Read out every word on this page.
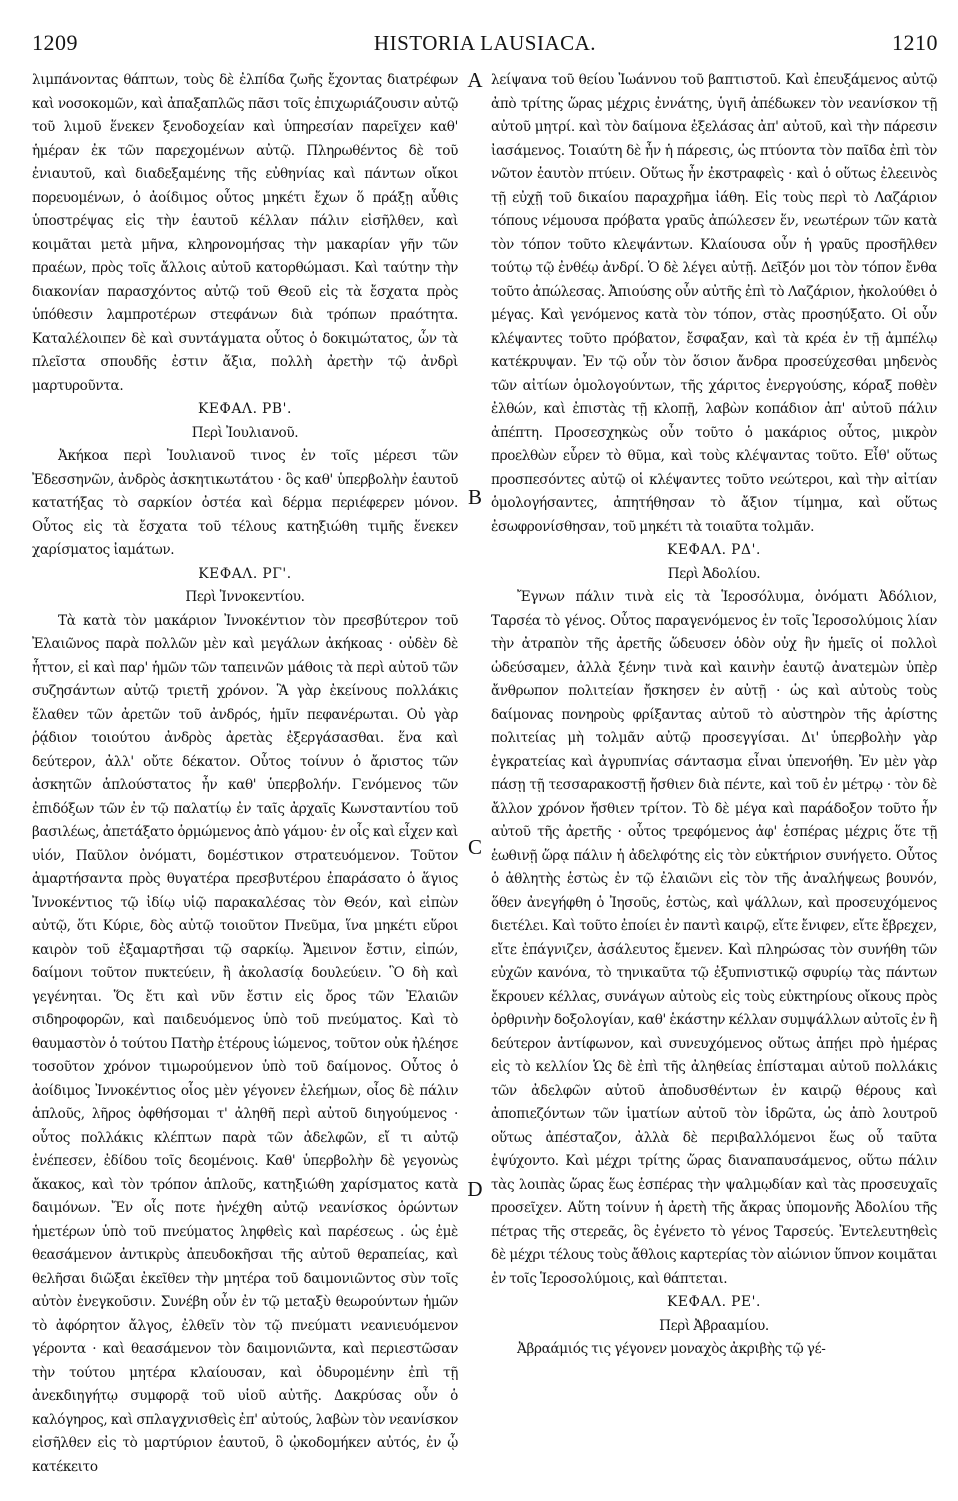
1209	HISTORIA LAUSIACA.	1210

λιμπάνοντας θάπτων, τοὺς δὲ ἐλπίδα ζωῆς ἔχοντας διατρέφων καὶ νοσοκομῶν, καὶ ἀπαξαπλῶς πᾶσι τοῖς ἐπιχωριάζουσιν αὐτῷ τοῦ λιμοῦ ἕνεκεν ξενοδοχείαν καὶ ὑπηρεσίαν παρεῖχεν καθ' ἡμέραν ἐκ τῶν παρεχομένων αὐτῷ. Πληρωθέντος δὲ τοῦ ἐνιαυτοῦ, καὶ διαδεξαμένης τῆς εὐθηνίας καὶ πάντων οἴκοι πορευομένων, ὁ ἀοίδιμος οὗτος μηκέτι ἔχων ὅ πράξῃ αὖθις ὑποστρέψας εἰς τὴν ἑαυτοῦ κέλλαν πάλιν εἰσῆλθεν, καὶ κοιμᾶται μετὰ μῆνα, κληρονομήσας τὴν μακαρίαν γῆν τῶν πραέων, πρὸς τοῖς ἄλλοις αὐτοῦ κατορθώμασι. Καὶ ταύτην τὴν διακονίαν παρασχόντος αὐτῷ τοῦ Θεοῦ εἰς τὰ ἔσχατα πρὸς ὑπόθεσιν λαμπροτέρων στεφάνων διὰ τρόπων πραότητα. Καταλέλοιπεν δὲ καὶ συντάγματα οὗτος ὁ δοκιμώτατος, ὧν τὰ πλεῖστα σπουδῆς ἐστιν ἄξια, πολλὴ ἀρετὴν τῷ ἀνδρὶ μαρτυροῦντα.

ΚΕΦΑΛ. ΡΒ'.
Περὶ Ἰουλιανοῦ.

Ἀκήκοα περὶ Ἰουλιανοῦ τινος ἐν τοῖς μέρεσι τῶν Ἐδεσσηνῶν, ἀνδρὸς ἀσκητικωτάτου · ὃς καθ' ὑπερβολὴν ἑαυτοῦ κατατήξας τὸ σαρκίον ὀστέα καὶ δέρμα περιέφερεν μόνον. Οὗτος εἰς τὰ ἔσχατα τοῦ τέλους κατηξιώθη τιμῆς ἕνεκεν χαρίσματος ἰαμάτων.

ΚΕΦΑΛ. ΡΓ'.
Περὶ Ἰννοκεντίου.

Τὰ κατὰ τὸν μακάριον Ἰννοκέντιον τὸν πρεσβύτερον τοῦ Ἐλαιῶνος παρὰ πολλῶν μὲν καὶ μεγάλων ἀκήκοας · οὐδὲν δὲ ἧττον, εἰ καὶ παρ' ἡμῶν τῶν ταπεινῶν μάθοις τὰ περὶ αὐτοῦ τῶν συζησάντων αὐτῷ τριετῆ χρόνον. Ἃ γὰρ ἐκείνους πολλάκις ἔλαθεν τῶν ἀρετῶν τοῦ ἀνδρός, ἡμῖν πεφανέρωται. Οὐ γὰρ ῥᾴδιον τοιούτου ἀνδρὸς ἀρετὰς ἐξεργάσασθαι. ἕνα καὶ δεύτερον, ἀλλ' οὔτε δέκατον. Οὗτος τοίνυν ὁ ἄριστος τῶν ἀσκητῶν ἁπλούστατος ἦν καθ' ὑπερβολήν. Γενόμενος τῶν ἐπιδόξων τῶν ἐν τῷ παλατίῳ ἐν ταῖς ἀρχαῖς Κωνσταντίου τοῦ βασιλέως, ἀπετάξατο ὁρμώμενος ἀπὸ γάμου· ἐν οἷς καὶ εἶχεν καὶ υἱόν, Παῦλον ὀνόματι, δομέστικον στρατευόμενον. Τοῦτον ἁμαρτήσαντα πρὸς θυγατέρα πρεσβυτέρου ἐπαράσατο ὁ ἅγιος Ἰννοκέντιος τῷ ἰδίῳ υἱῷ παρακαλέσας τὸν Θεόν, καὶ εἰπὼν αὐτῷ, ὅτι Κύριε, δὸς αὐτῷ τοιοῦτον Πνεῦμα, ἵνα μηκέτι εὕροι καιρὸν τοῦ ἐξαμαρτῆσαι τῷ σαρκίῳ. Ἄμεινον ἔστιν, εἰπών, δαίμονι τοῦτον πυκτεύειν, ἢ ἀκολασίᾳ δουλεύειν. Ὃ δὴ καὶ γεγένηται. Ὅς ἔτι καὶ νῦν ἔστιν εἰς ὄρος τῶν Ἐλαιῶν σιδηροφορῶν, καὶ παιδευόμενος ὑπὸ τοῦ πνεύματος. Καὶ τὸ θαυμαστὸν ὁ τούτου Πατὴρ ἑτέρους ἰώμενος, τοῦτον οὐκ ἠλέησε τοσοῦτον χρόνον τιμωρούμενον ὑπὸ τοῦ δαίμονος. Οὗτος ὁ ἀοίδιμος Ἰννοκέντιος οἷος μὲν γέγονεν ἐλεήμων, οἷος δὲ πάλιν ἁπλοῦς, λῆρος ὀφθήσομαι τ' ἀληθῆ περὶ αὐτοῦ διηγούμενος · οὗτος πολλάκις κλέπτων παρὰ τῶν ἀδελφῶν, εἴ τι αὐτῷ ἐνέπεσεν, ἐδίδου τοῖς δεομένοις. Καθ' ὑπερβολὴν δὲ γεγονὼς ἄκακος, καὶ τὸν τρόπον ἁπλοῦς, κατηξιώθη χαρίσματος κατὰ δαιμόνων. Ἔν οἷς ποτε ἠνέχθη αὐτῷ νεανίσκος ὁρώντων ἡμετέρων ὑπὸ τοῦ πνεύματος ληφθεὶς καὶ παρέσεως . ὡς ἐμὲ θεασάμενον ἀντικρὺς ἀπευδοκῆσαι τῆς αὐτοῦ θεραπείας, καὶ θελῆσαι διῶξαι ἐκεῖθεν τὴν μητέρα τοῦ δαιμονιῶντος σὺν τοῖς αὐτὸν ἐνεγκοῦσιν. Συνέβη οὖν ἐν τῷ μεταξὺ θεωρούντων ἡμῶν τὸ ἀφόρητον ἄλγος, ἐλθεῖν τὸν τῷ πνεύματι νεανιευόμενον γέροντα · καὶ θεασάμενον τὸν δαιμονιῶντα, καὶ περιεστῶσαν τὴν τούτου μητέρα κλαίουσαν, καὶ ὀδυρομένην ἐπὶ τῇ ἀνεκδιηγήτῳ συμφορᾷ τοῦ υἱοῦ αὐτῆς. Δακρύσας οὖν ὁ καλόγηρος, καὶ σπλαγχνισθεὶς ἐπ' αὐτούς, λαβὼν τὸν νεανίσκον εἰσῆλθεν εἰς τὸ μαρτύριον ἑαυτοῦ, ὃ ᾠκοδομήκεν αὐτός, ἐν ᾧ κατέκειτο

A
B
C
D

λείψανα τοῦ θείου Ἰωάννου τοῦ βαπτιστοῦ. Καὶ ἐπευξάμενος αὐτῷ ἀπὸ τρίτης ὥρας μέχρις ἐννάτης, ὑγιῆ ἀπέδωκεν τὸν νεανίσκον τῇ αὐτοῦ μητρί. καὶ τὸν δαίμονα ἐξελάσας ἀπ' αὐτοῦ, καὶ τὴν πάρεσιν ἰασάμενος. Τοιαύτη δὲ ἦν ἡ πάρεσις, ὡς πτύοντα τὸν παῖδα ἐπὶ τὸν νῶτον ἑαυτὸν πτύειν. Οὕτως ἦν ἐκστραφεὶς · καὶ ὁ οὕτως ἐλεεινὸς τῇ εὐχῇ τοῦ δικαίου παραχρῆμα ἰάθη. Εἰς τοὺς περὶ τὸ Λαζάριον τόπους νέμουσα πρόβατα γραῦς ἀπώλεσεν ἕν, νεωτέρων τῶν κατὰ τὸν τόπον τοῦτο κλεψάντων. Κλαίουσα οὖν ἡ γραῦς προσῆλθεν τούτῳ τῷ ἐνθέῳ ἀνδρί. Ὁ δὲ λέγει αὐτῇ. Δεῖξόν μοι τὸν τόπον ἔνθα τοῦτο ἀπώλεσας. Ἀπιούσης οὖν αὐτῆς ἐπὶ τὸ Λαζάριον, ἠκολούθει ὁ μέγας. Καὶ γενόμενος κατὰ τὸν τόπον, στὰς προσηύξατο. Οἱ οὖν κλέψαντες τοῦτο πρόβατον, ἔσφαξαν, καὶ τὰ κρέα ἐν τῇ ἀμπέλῳ κατέκρυψαν. Ἐν τῷ οὖν τὸν ὅσιον ἄνδρα προσεύχεσθαι μηδενὸς τῶν αἰτίων ὁμολογούντων, τῆς χάριτος ἐνεργούσης, κόραξ ποθὲν ἐλθών, καὶ ἐπιστὰς τῇ κλοπῇ, λαβὼν κοπάδιον ἀπ' αὐτοῦ πάλιν ἀπέπτη. Προσεσχηκὼς οὖν τοῦτο ὁ μακάριος οὗτος, μικρὸν προελθὼν εὗρεν τὸ θῦμα, καὶ τοὺς κλέψαντας τοῦτο. Εἶθ' οὕτως προσπεσόντες αὐτῷ οἱ κλέψαντες τοῦτο νεώτεροι, καὶ τὴν αἰτίαν ὁμολογήσαντες, ἀπητήθησαν τὸ ἄξιον τίμημα, καὶ οὕτως ἐσωφρονίσθησαν, τοῦ μηκέτι τὰ τοιαῦτα τολμᾶν.

ΚΕΦΑΛ. ΡΔ'.
Περὶ Ἀδολίου.

Ἔγνων πάλιν τινὰ εἰς τὰ Ἱεροσόλυμα, ὀνόματι Ἀδόλιον, Ταρσέα τὸ γένος. Οὗτος παραγενόμενος ἐν τοῖς Ἱεροσολύμοις λίαν τὴν ἀτραπὸν τῆς ἀρετῆς ὥδευσεν ὁδὸν οὐχ ἣν ἡμεῖς οἱ πολλοὶ ὡδεύσαμεν, ἀλλὰ ξένην τινὰ καὶ καινὴν ἑαυτῷ ἀνατεμὼν ὑπὲρ ἄνθρωπον πολιτείαν ἤσκησεν ἐν αὐτῇ · ὡς καὶ αὐτοὺς τοὺς δαίμονας πονηροὺς φρίξαντας αὐτοῦ τὸ αὐστηρὸν τῆς ἀρίστης πολιτείας μὴ τολμᾶν αὐτῷ προσεγγίσαι. Δι' ὑπερβολὴν γὰρ ἐγκρατείας καὶ ἀγρυπνίας σάντασμα εἶναι ὑπενοήθη. Ἐν μὲν γὰρ πάσῃ τῇ τεσσαρακοστῇ ἤσθιεν διὰ πέντε, καὶ τοῦ ἐν μέτρῳ · τὸν δὲ ἄλλον χρόνον ἤσθιεν τρίτον. Τὸ δὲ μέγα καὶ παράδοξον τοῦτο ἦν αὐτοῦ τῆς ἀρετῆς · οὗτος τρεφόμενος ἀφ' ἑσπέρας μέχρις ὅτε τῇ ἑωθινῇ ὥρᾳ πάλιν ἡ ἀδελφότης εἰς τὸν εὐκτήριον συνήγετο. Οὗτος ὁ ἀθλητὴς ἑστὼς ἐν τῷ ἐλαιῶνι εἰς τὸν τῆς ἀναλήψεως βουνόν, ὅθεν ἀνεγήφθη ὁ Ἰησοῦς, ἑστὼς, καὶ ψάλλων, καὶ προσευχόμενος διετέλει. Καὶ τοῦτο ἐποίει ἐν παντὶ καιρῷ, εἴτε ἔνιφεν, εἴτε ἔβρεχεν, εἴτε ἐπάγνιζεν, ἀσάλευτος ἔμενεν. Καὶ πληρώσας τὸν συνήθη τῶν εὐχῶν κανόνα, τὸ τηνικαῦτα τῷ ἐξυπνιστικῷ σφυρίῳ τὰς πάντων ἔκρουεν κέλλας, συνάγων αὐτοὺς εἰς τοὺς εὐκτηρίους οἴκους πρὸς ὀρθρινὴν δοξολογίαν, καθ' ἑκάστην κέλλαν συμψάλλων αὐτοῖς ἐν ἢ δεύτερον ἀντίφωνον, καὶ συνευχόμενος οὕτως ἀπῄει πρὸ ἡμέρας εἰς τὸ κελλίον Ὡς δὲ ἐπὶ τῆς ἀληθείας ἐπίσταμαι αὐτοῦ πολλάκις τῶν ἀδελφῶν αὐτοῦ ἀποδυσθέντων ἐν καιρῷ θέρους καὶ ἀποπιεζόντων τῶν ἱματίων αὐτοῦ τὸν ἱδρῶτα, ὡς ἀπὸ λουτροῦ οὕτως ἀπέσταζον, ἀλλὰ δὲ περιβαλλόμενοι ἕως οὗ ταῦτα ἐψύχοντο. Καὶ μέχρι τρίτης ὥρας διαναπαυσάμενος, οὕτω πάλιν τὰς λοιπὰς ὥρας ἕως ἑσπέρας τὴν ψαλμῳδίαν καὶ τὰς προσευχαῖς προσεῖχεν. Αὕτη τοίνυν ἡ ἀρετὴ τῆς ἄκρας ὑπομονῆς Ἀδολίου τῆς πέτρας τῆς στερεᾶς, ὃς ἐγένετο τὸ γένος Ταρσεύς. Ἐντελευτηθεὶς δὲ μέχρι τέλους τοὺς ἄθλοις καρτερίας τὸν αἰώνιον ὕπνον κοιμᾶται ἐν τοῖς Ἱεροσολύμοις, καὶ θάπτεται.

ΚΕΦΑΛ. ΡΕ'.
Περὶ Ἀβρααμίου.

Ἀβραάμιός τις γέγονεν μοναχὸς ἀκριβὴς τῷ γέ-
